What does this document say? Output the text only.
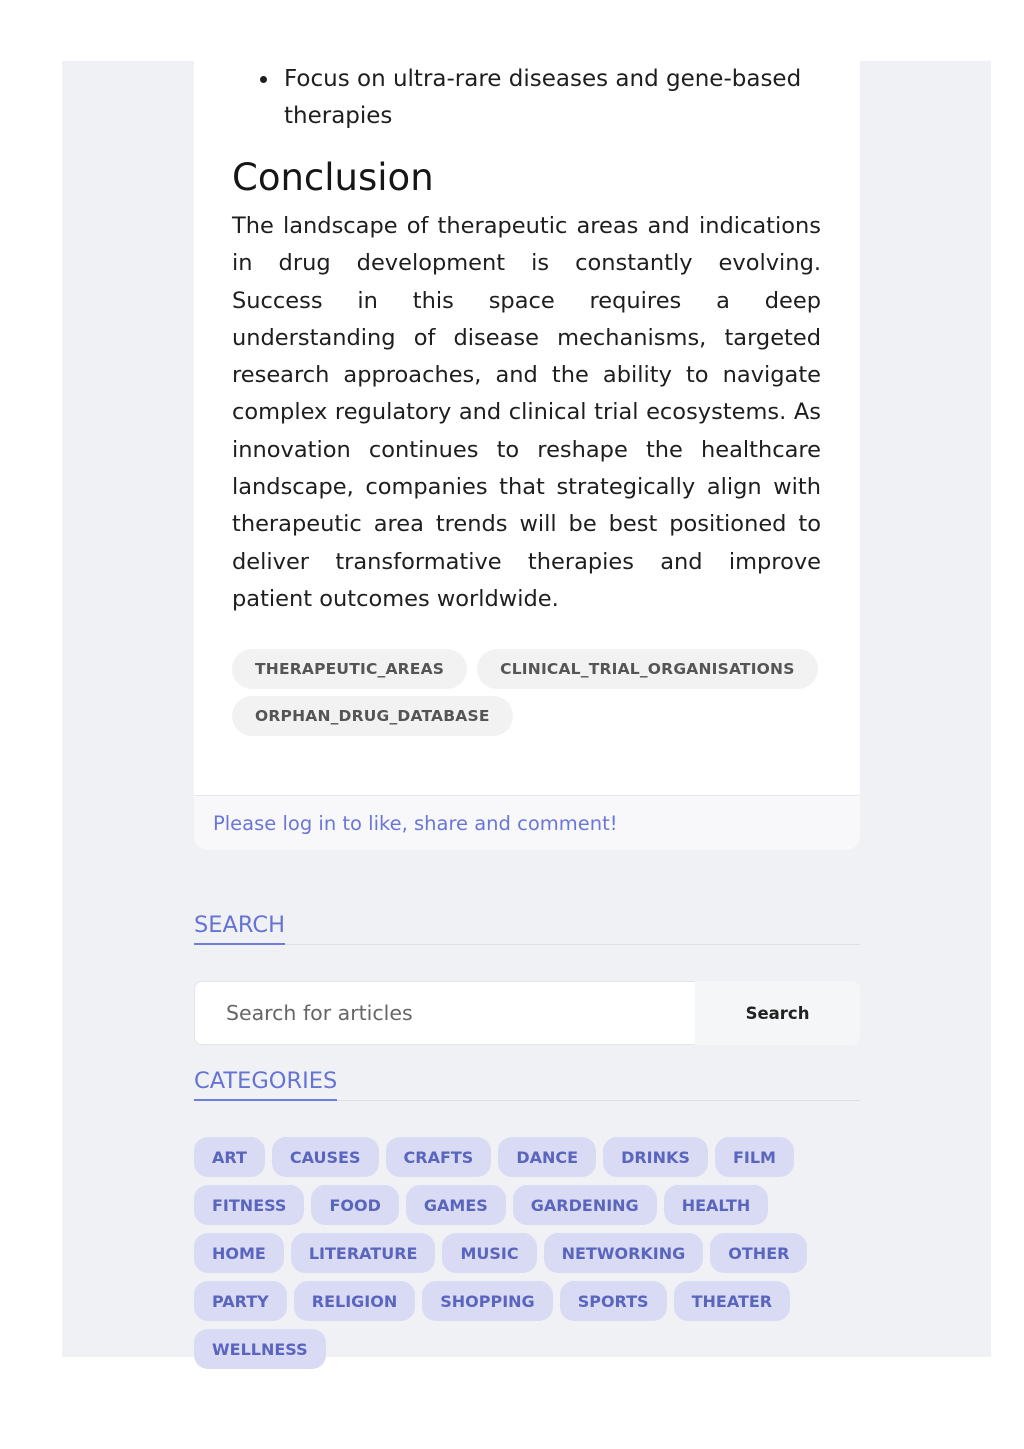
Focus on ultra-rare diseases and gene-based therapies
Conclusion

The landscape of therapeutic areas and indications in drug development is constantly evolving. Success in this space requires a deep understanding of disease mechanisms, targeted research approaches, and the ability to navigate complex regulatory and clinical trial ecosystems. As innovation continues to reshape the healthcare landscape, companies that strategically align with therapeutic area trends will be best positioned to deliver transformative therapies and improve patient outcomes worldwide.

THERAPEUTIC_AREAS	CLINICAL_TRIAL_ORGANISATIONS
ORPHAN_DRUG_DATABASE
Please log in to like, share and comment!
SEARCH
Search for articles
Search
CATEGORIES
ART	CAUSES	CRAFTS	DANCE	DRINKS	FILM
FITNESS	FOOD	GAMES	GARDENING	HEALTH
HOME	LITERATURE	MUSIC	NETWORKING	OTHER
PARTY	RELIGION	SHOPPING	SPORTS	THEATER
WELLNESS
